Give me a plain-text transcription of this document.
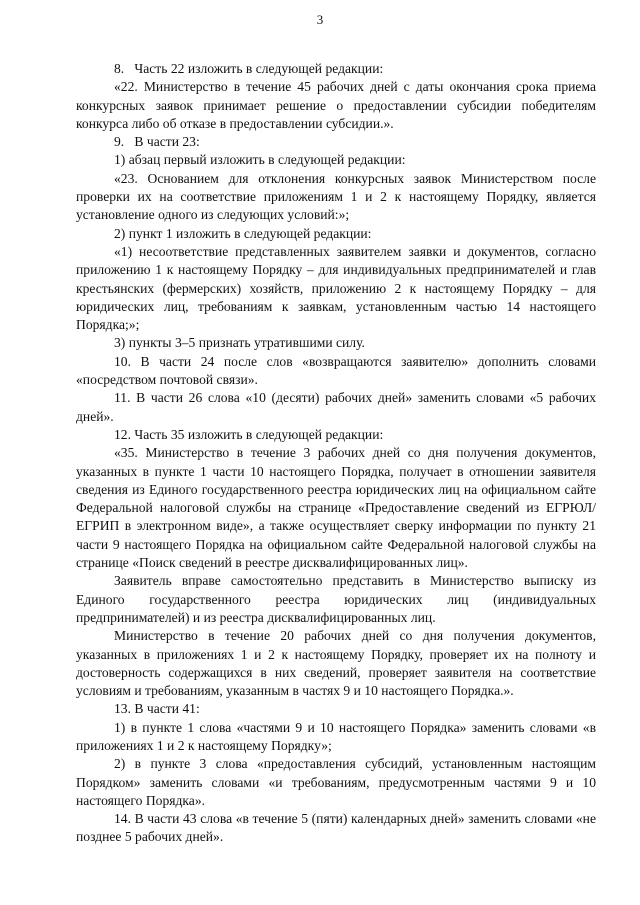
3

8.   Часть 22 изложить в следующей редакции:

«22. Министерство в течение 45 рабочих дней с даты окончания срока приема конкурсных заявок принимает решение о предоставлении субсидии победителям конкурса либо об отказе в предоставлении субсидии.».

9.   В части 23:

1) абзац первый изложить в следующей редакции:

«23. Основанием для отклонения конкурсных заявок Министерством после проверки их на соответствие приложениям 1 и 2 к настоящему Порядку, является установление одного из следующих условий:»;

2) пункт 1 изложить в следующей редакции:

«1) несоответствие представленных заявителем заявки и документов, согласно приложению 1 к настоящему Порядку – для индивидуальных предпринимателей и глав крестьянских (фермерских) хозяйств, приложению 2 к настоящему Порядку – для юридических лиц, требованиям к заявкам, установленным частью 14 настоящего Порядка;»;

3) пункты 3–5 признать утратившими силу.

10. В части 24 после слов «возвращаются заявителю» дополнить словами «посредством почтовой связи».

11. В части 26 слова «10 (десяти) рабочих дней» заменить словами «5 рабочих дней».

12. Часть 35 изложить в следующей редакции:

«35. Министерство в течение 3 рабочих дней со дня получения документов, указанных в пункте 1 части 10 настоящего Порядка, получает в отношении заявителя сведения из Единого государственного реестра юридических лиц на официальном сайте Федеральной налоговой службы на странице «Предоставление сведений из ЕГРЮЛ/ЕГРИП в электронном виде», а также осуществляет сверку информации по пункту 21 части 9 настоящего Порядка на официальном сайте Федеральной налоговой службы на странице «Поиск сведений в реестре дисквалифицированных лиц».

Заявитель вправе самостоятельно представить в Министерство выписку из Единого государственного реестра юридических лиц (индивидуальных предпринимателей) и из реестра дисквалифицированных лиц.

Министерство в течение 20 рабочих дней со дня получения документов, указанных в приложениях 1 и 2 к настоящему Порядку, проверяет их на полноту и достоверность содержащихся в них сведений, проверяет заявителя на соответствие условиям и требованиям, указанным в частях 9 и 10 настоящего Порядка.».

13. В части 41:

1) в пункте 1 слова «частями 9 и 10 настоящего Порядка» заменить словами «в приложениях 1 и 2 к настоящему Порядку»;

2) в пункте 3 слова «предоставления субсидий, установленным настоящим Порядком» заменить словами «и требованиям, предусмотренным частями 9 и 10 настоящего Порядка».

14. В части 43 слова «в течение 5 (пяти) календарных дней» заменить словами «не позднее 5 рабочих дней».
